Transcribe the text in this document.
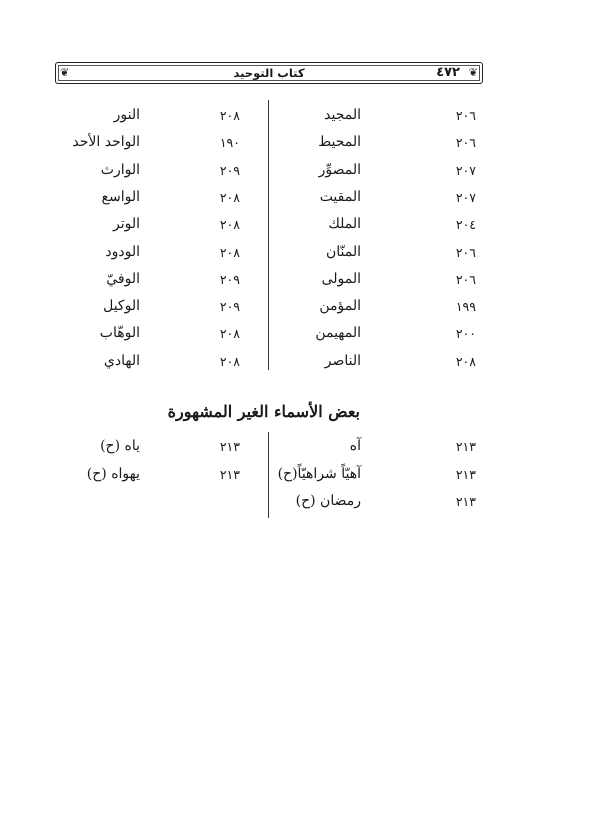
❦	كتاب التوحيد	٤٧٢ ❦
٢٠٦
المجيد
٢٠٦
المحيط
٢٠٧
المصوِّر
٢٠٧
المقيت
٢٠٤
الملك
٢٠٦
المنّان
٢٠٦
المولى
١٩٩
المؤمن
٢٠٠
المهيمن
٢٠٨
الناصر
٢٠٨
النور
١٩٠
الواحد الأحد
٢٠٩
الوارث
٢٠٨
الواسع
٢٠٨
الوتر
٢٠٨
الودود
٢٠٩
الوفيّ
٢٠٩
الوكيل
٢٠٨
الوهّاب
٢٠٨
الهادي
بعض الأسماء الغير المشهورة
٢١٣
آه
٢١٣
آهيّاً شراهيّاً(ح)
٢١٣
رمضان (ح)
٢١٣
ياه (ح)
٢١٣
يهواه (ح)
